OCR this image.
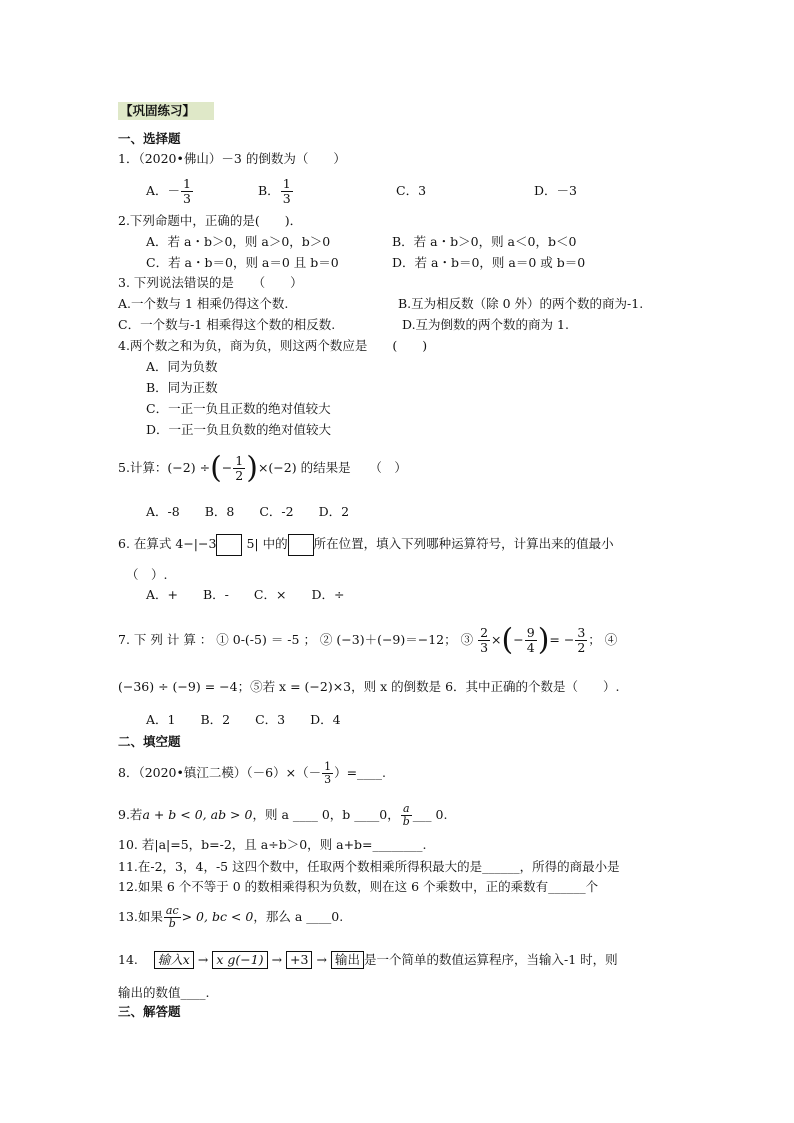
【巩固练习】
一、选择题
1．（2020•佛山）－3 的倒数为（　　）
A．－ $\frac{1}{3}$	B． $\frac{1}{3}$	C．3	D．－3
2.下列命题中，正确的是(　　)．
A．若 a・b＞0，则 a＞0，b＞0	B．若 a・b＞0，则 a＜0，b＜0
C．若 a・b＝0，则 a＝0 且 b＝0	D．若 a・b＝0，则 a＝0 或 b＝0
3. 下列说法错误的是　　（　　）
A.一个数与 1 相乘仍得这个数.	B.互为相反数（除 0 外）的两个数的商为-1.
C．一个数与-1 相乘得这个数的相反数.	D.互为倒数的两个数的商为 1.
4.两个数之和为负，商为负，则这两个数应是　　(　　)
A．同为负数
B．同为正数
C．一正一负且正数的绝对值较大
D．一正一负且负数的绝对值较大
5.计算：(−2) ÷(− $\frac{1}{2} )\times(-2)$ 的结果是　　（　）
A．-8　　B．8　　C．-2　　D．2
6. 在算式 4−|−3 5| 中的 所在位置，填入下列哪种运算符号，计算出来的值最小
（　）.
A．+　　B．-　　C．×　　D．÷
7. 下 列 计 算 ： ① 0-(-5) ＝ -5 ； ② (−3)＋(−9)＝−12； ③ $\frac{2}{3}$ ×(− $\frac{9}{4}$ )= − $\frac{3}{2}$ ； ④
(−36) ÷ (−9) = −4；⑤若 x = (−2)×3，则 x 的倒数是 6．其中正确的个数是（　　）.
A．1　　B．2　　C．3　　D．4
二、填空题
8．（2020•镇江二模）$(-6)\times(- \frac{1}{3}$ ）=____.
9.若a + b < 0, ab > 0，则 a ____ 0，b ____0， $\frac{a}{b}$ ___ 0.
10. 若|a|=5，b=-2，且 a÷b＞0，则 a+b=________.
11.在-2，3，4，-5 这四个数中，任取两个数相乘所得积最大的是______，所得的商最小是
12.如果 6 个不等于 0 的数相乘得积为负数，则在这 6 个乘数中，正的乘数有______个
13.如果 $\frac{ac}{b} > 0$, bc < 0，那么 a ____0.
14. 输入x → x g(−1) → +3 → 输出 是一个简单的数值运算程序，当输入-1 时，则
输出的数值____.
三、解答题
